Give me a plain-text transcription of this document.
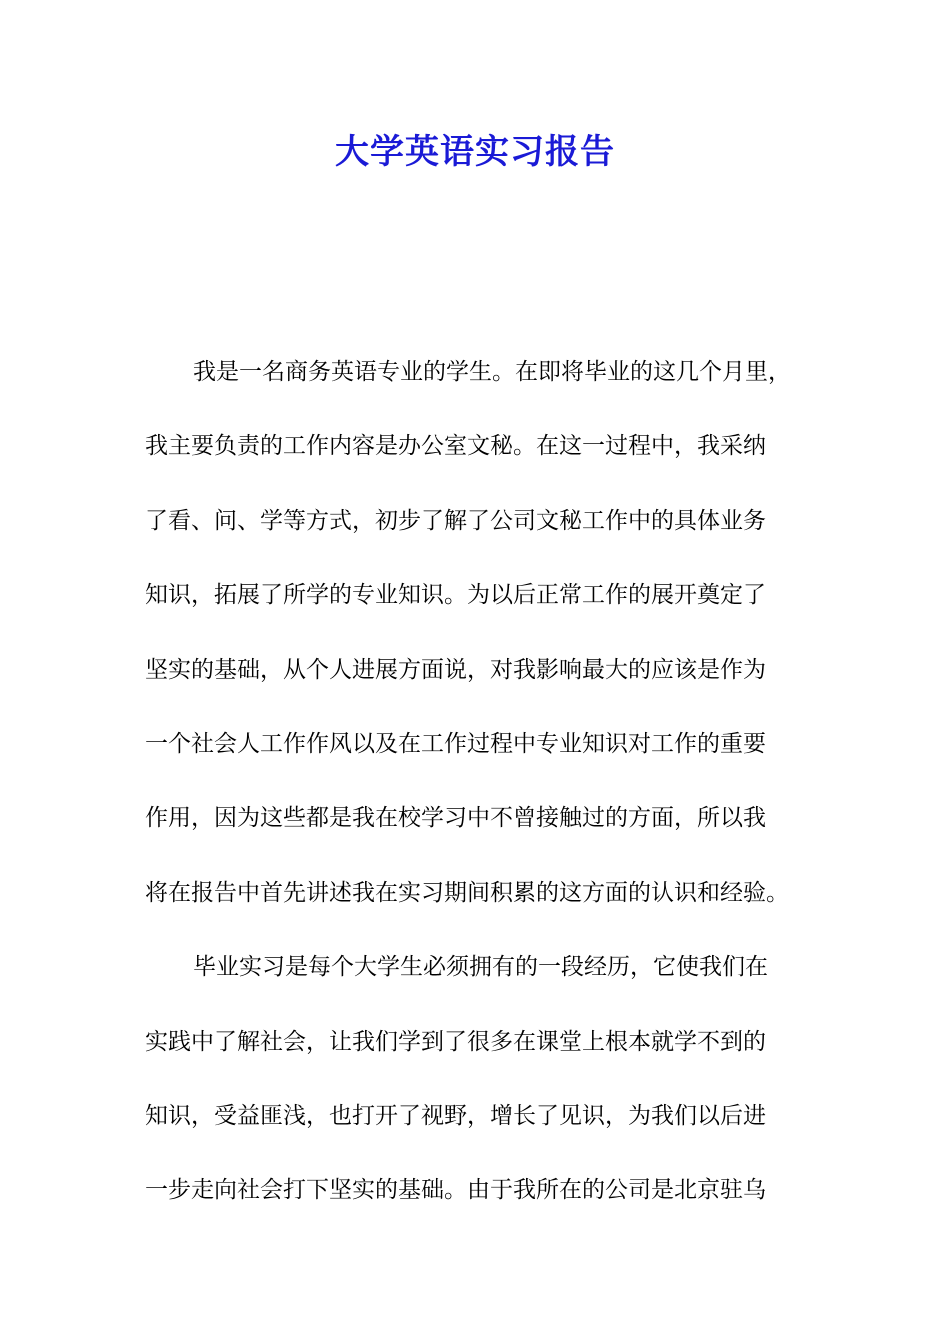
大学英语实习报告
我是一名商务英语专业的学生。在即将毕业的这几个月里，
我主要负责的工作内容是办公室文秘。在这一过程中，我采纳
了看、问、学等方式，初步了解了公司文秘工作中的具体业务
知识，拓展了所学的专业知识。为以后正常工作的展开奠定了
坚实的基础，从个人进展方面说，对我影响最大的应该是作为
一个社会人工作作风以及在工作过程中专业知识对工作的重要
作用，因为这些都是我在校学习中不曾接触过的方面，所以我
将在报告中首先讲述我在实习期间积累的这方面的认识和经验。
毕业实习是每个大学生必须拥有的一段经历，它使我们在
实践中了解社会，让我们学到了很多在课堂上根本就学不到的
知识，受益匪浅，也打开了视野，增长了见识，为我们以后进
一步走向社会打下坚实的基础。由于我所在的公司是北京驻乌
